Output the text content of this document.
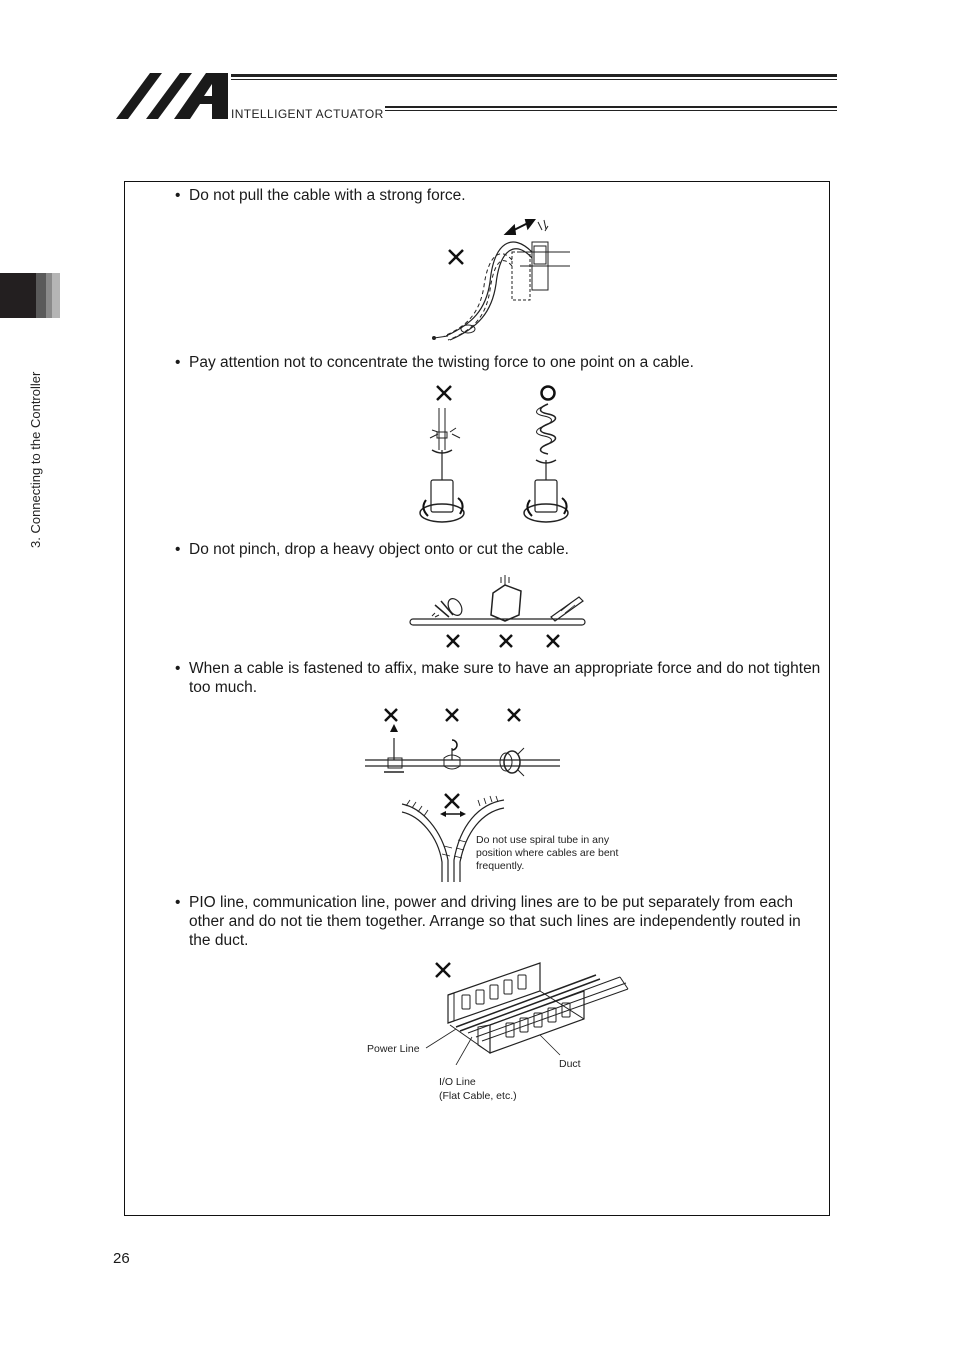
INTELLIGENT ACTUATOR
3. Connecting to the Controller
• Do not pull the cable with a strong force.
• Pay attention not to concentrate the twisting force to one point on a cable.
• Do not pinch, drop a heavy object onto or cut the cable.
• When a cable is fastened to affix, make sure to have an appropriate force and do not tighten too much.
Do not use spiral tube in any
position where cables are bent
frequently.
• PIO line, communication line, power and driving lines are to be put separately from each other and do not tie them together. Arrange so that such lines are independently routed in the duct.
Power Line
Duct
I/O Line
(Flat Cable, etc.)
26
